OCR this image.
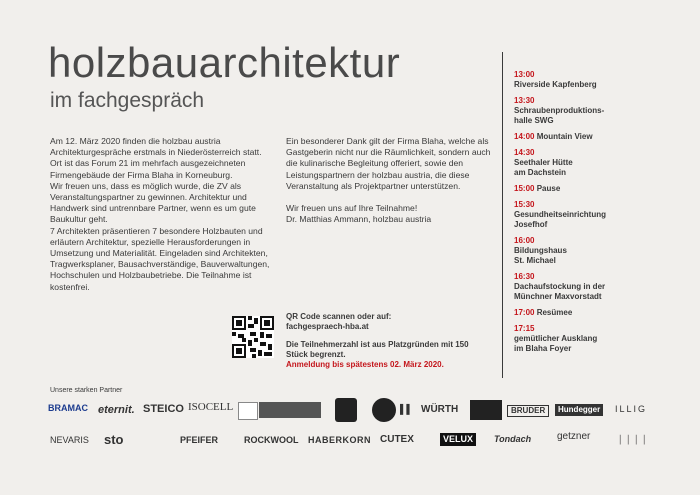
holzbauarchitektur
im fachgespräch

Am 12. März 2020 finden die holzbau austria Architekturgespräche erstmals in Niederösterreich statt. Ort ist das Forum 21 im mehrfach ausgezeichneten Firmengebäude der Firma Blaha in Korneuburg.

Wir freuen uns, dass es möglich wurde, die ZV als Veranstaltungspartner zu gewinnen. Architektur und Handwerk sind untrennbare Partner, wenn es um gute Baukultur geht.

7 Architekten präsentieren 7 besondere Holzbauten und erläutern Architektur, spezielle Herausforderungen in Umsetzung und Materialität. Eingeladen sind Architekten, Tragwerksplaner, Bausachverständige, Bauverwaltungen, Hochschulen und Holzbaubetriebe. Die Teilnahme ist kostenfrei.

Ein besonderer Dank gilt der Firma Blaha, welche als Gastgeberin nicht nur die Räumlichkeit, sondern auch die kulinarische Begleitung offeriert, sowie den Leistungspartnern der holzbau austria, die diese Veranstaltung als Projektpartner unterstützen.

Wir freuen uns auf Ihre Teilnahme!

Dr. Matthias Ammann, holzbau austria

13:00
Riverside Kapfenberg
13:30
Schraubenproduktions-
halle SWG
14:00 Mountain View
14:30
Seethaler Hütte
am Dachstein
15:00 Pause
15:30
Gesundheitseinrichtung
Josefhof
16:00
Bildungshaus
St. Michael
16:30
Dachaufstockung in der
Münchner Maxvorstadt
17:00 Resümee
17:15
gemütlicher Ausklang
im Blaha Foyer

QR Code scannen oder auf:

fachgespraech-hba.at

Die Teilnehmerzahl ist aus Platzgründen mit 150 Stück begrenzt.

Anmeldung bis spätestens 02. März 2020.

Unsere starken Partner
BRAMAC eternit. STEICO ISOCELL	▌▌ WÜRTH	BRUDER	Hundegger	ILLIG
NEVARIS sto	PFEIFER	ROCKWOOL HABERKORN CUTEX	VELUX	Tondach	getzner	││││
